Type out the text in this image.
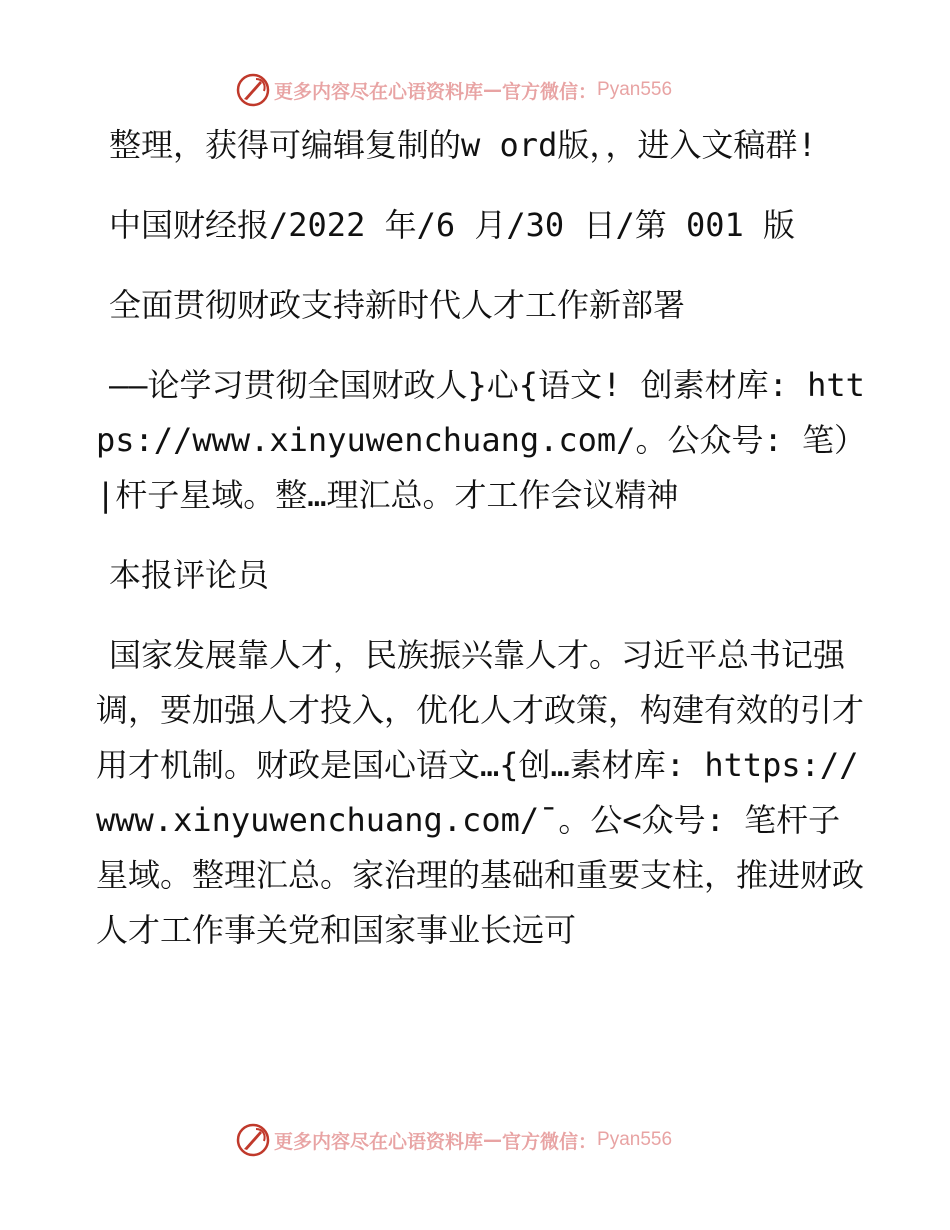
更多内容尽在心语资料库 — 官方微信： Pyan556

整理，获得可编辑复制的w ord版，，进入文稿群!

中国财经报/2022 年/6 月/30 日/第 001 版

全面贯彻财政支持新时代人才工作新部署

——论学习贯彻全国财政人}心{语文! 创素材库: https://www.xinyuwenchuang.com/。公众号: 笔）|杆子星域。整…理汇总。才工作会议精神

本报评论员

国家发展靠人才，民族振兴靠人才。习近平总书记强调，要加强人才投入，优化人才政策，构建有效的引才用才机制。财政是国心语文…{创…素材库: https://www.xinyuwenchuang.com/¯。公<众号: 笔杆子星域。整理汇总。家治理的基础和重要支柱，推进财政人才工作事关党和国家事业长远可

更多内容尽在心语资料库 — 官方微信： Pyan556
